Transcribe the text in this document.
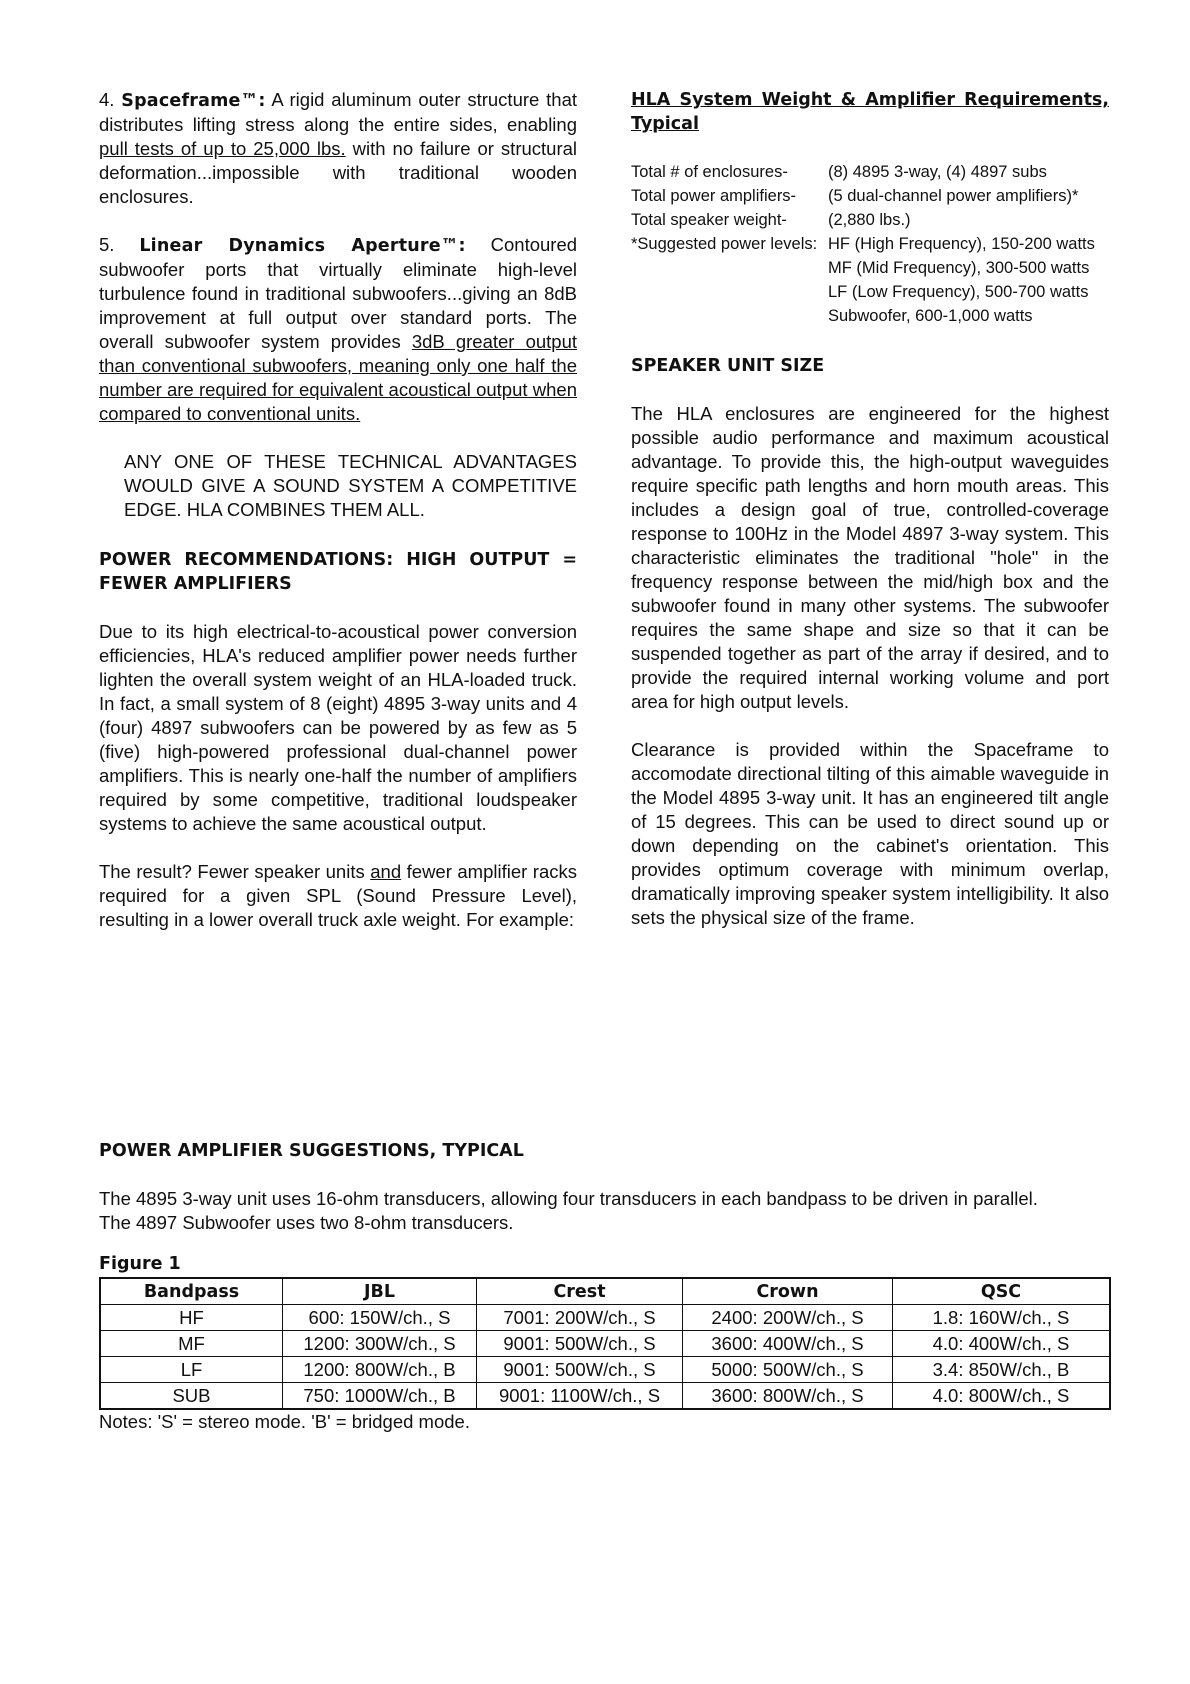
4. Spaceframe™: A rigid aluminum outer structure that distributes lifting stress along the entire sides, enabling pull tests of up to 25,000 lbs. with no failure or structural deformation...impossible with traditional wooden enclosures.

5. Linear Dynamics Aperture™: Contoured subwoofer ports that virtually eliminate high-level turbulence found in traditional subwoofers...giving an 8dB improvement at full output over standard ports. The overall subwoofer system provides 3dB greater output than conventional subwoofers, meaning only one half the number are required for equivalent acoustical output when compared to conventional units.

ANY ONE OF THESE TECHNICAL ADVANTAGES WOULD GIVE A SOUND SYSTEM A COMPETITIVE EDGE. HLA COMBINES THEM ALL.

POWER RECOMMENDATIONS: HIGH OUTPUT = FEWER AMPLIFIERS

Due to its high electrical-to-acoustical power conversion efficiencies, HLA's reduced amplifier power needs further lighten the overall system weight of an HLA-loaded truck. In fact, a small system of 8 (eight) 4895 3-way units and 4 (four) 4897 subwoofers can be powered by as few as 5 (five) high-powered professional dual-channel power amplifiers. This is nearly one-half the number of amplifiers required by some competitive, traditional loudspeaker systems to achieve the same acoustical output.

The result? Fewer speaker units and fewer amplifier racks required for a given SPL (Sound Pressure Level), resulting in a lower overall truck axle weight. For example:

HLA System Weight & Amplifier Requirements, Typical

Total # of enclosures-	(8) 4895 3-way, (4) 4897 subs
Total power amplifiers-	(5 dual-channel power amplifiers)*
Total speaker weight-	(2,880 lbs.)
*Suggested power levels: HF (High Frequency), 150-200 watts
MF (Mid Frequency), 300-500 watts
LF (Low Frequency), 500-700 watts
Subwoofer, 600-1,000 watts

SPEAKER UNIT SIZE

The HLA enclosures are engineered for the highest possible audio performance and maximum acoustical advantage. To provide this, the high-output waveguides require specific path lengths and horn mouth areas. This includes a design goal of true, controlled-coverage response to 100Hz in the Model 4897 3-way system. This characteristic eliminates the traditional "hole" in the frequency response between the mid/high box and the subwoofer found in many other systems. The subwoofer requires the same shape and size so that it can be suspended together as part of the array if desired, and to provide the required internal working volume and port area for high output levels.

Clearance is provided within the Spaceframe to accomodate directional tilting of this aimable waveguide in the Model 4895 3-way unit. It has an engineered tilt angle of 15 degrees. This can be used to direct sound up or down depending on the cabinet's orientation. This provides optimum coverage with minimum overlap, dramatically improving speaker system intelligibility. It also sets the physical size of the frame.

POWER AMPLIFIER SUGGESTIONS, TYPICAL

The 4895 3-way unit uses 16-ohm transducers, allowing four transducers in each bandpass to be driven in parallel.

The 4897 Subwoofer uses two 8-ohm transducers.

Figure 1
Bandpass	JBL	Crest	Crown	QSC
HF	600: 150W/ch., S	7001: 200W/ch., S	2400: 200W/ch., S	1.8: 160W/ch., S
MF	1200: 300W/ch., S	9001: 500W/ch., S	3600: 400W/ch., S	4.0: 400W/ch., S
LF	1200: 800W/ch., B	9001: 500W/ch., S	5000: 500W/ch., S	3.4: 850W/ch., B
SUB	750: 1000W/ch., B	9001: 1100W/ch., S	3600: 800W/ch., S	4.0: 800W/ch., S
Notes: 'S' = stereo mode. 'B' = bridged mode.
